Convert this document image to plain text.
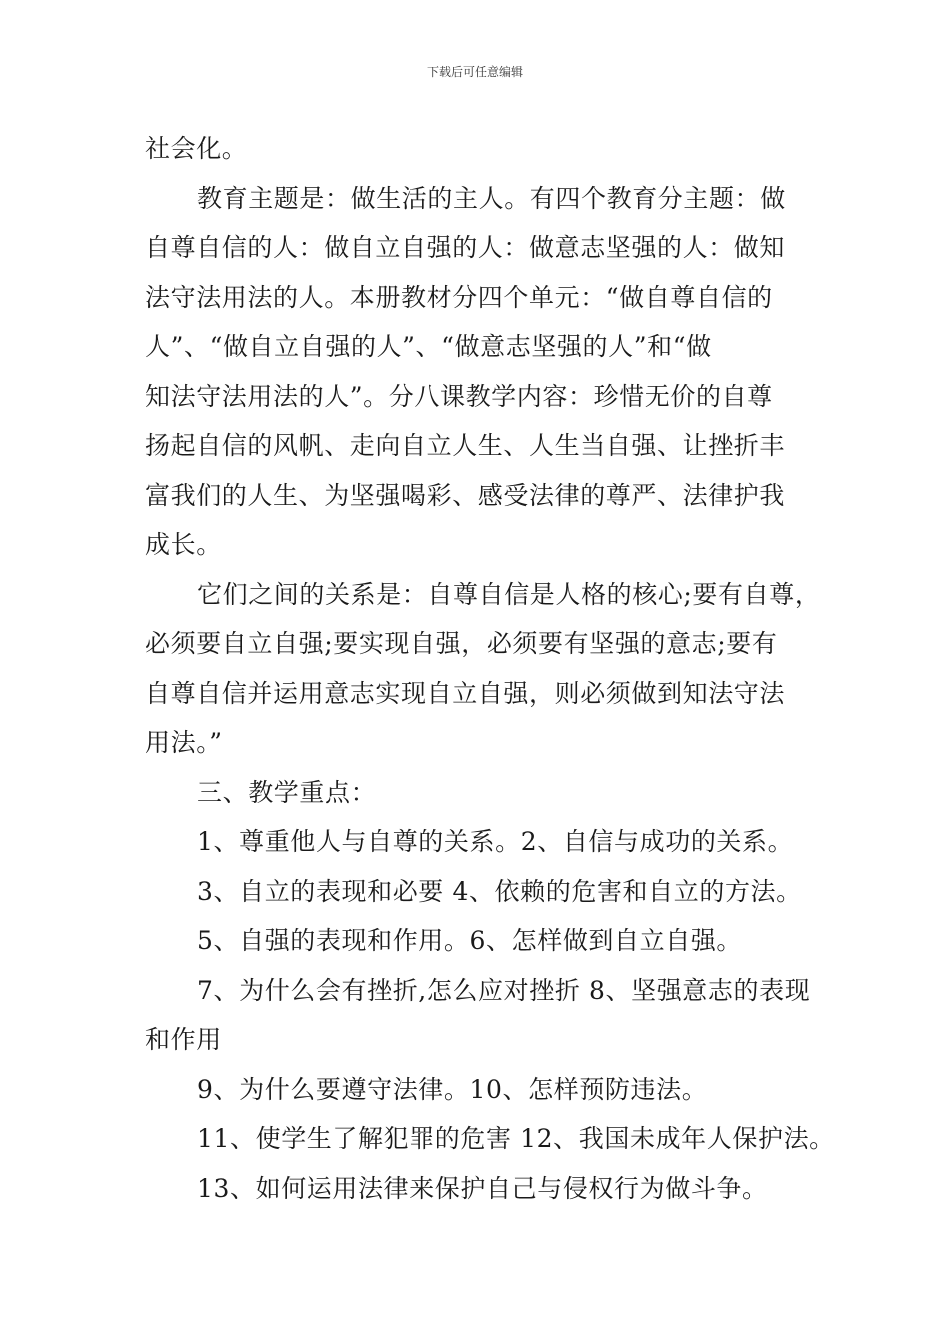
下载后可任意编辑

社会化。

教育主题是：做生活的主人。有四个教育分主题：做
自尊自信的人：做自立自强的人：做意志坚强的人：做知
法守法用法的人。本册教材分四个单元：“做自尊自信的
人”、“做自立自强的人”、“做意志坚强的人”和“做
知法守法用法的人”。分八课教学内容：珍惜无价的自尊
扬起自信的风帆、走向自立人生、人生当自强、让挫折丰
富我们的人生、为坚强喝彩、感受法律的尊严、法律护我
成长。

它们之间的关系是：自尊自信是人格的核心;要有自尊，
必须要自立自强;要实现自强，必须要有坚强的意志;要有
自尊自信并运用意志实现自立自强，则必须做到知法守法
用法。”

三、教学重点：

1、尊重他人与自尊的关系。2、自信与成功的关系。

3、自立的表现和必要 4、依赖的危害和自立的方法。

5、自强的表现和作用。6、怎样做到自立自强。

7、为什么会有挫折,怎么应对挫折 8、坚强意志的表现
和作用

9、为什么要遵守法律。10、怎样预防违法。

11、使学生了解犯罪的危害 12、我国未成年人保护法。

13、如何运用法律来保护自己与侵权行为做斗争。
